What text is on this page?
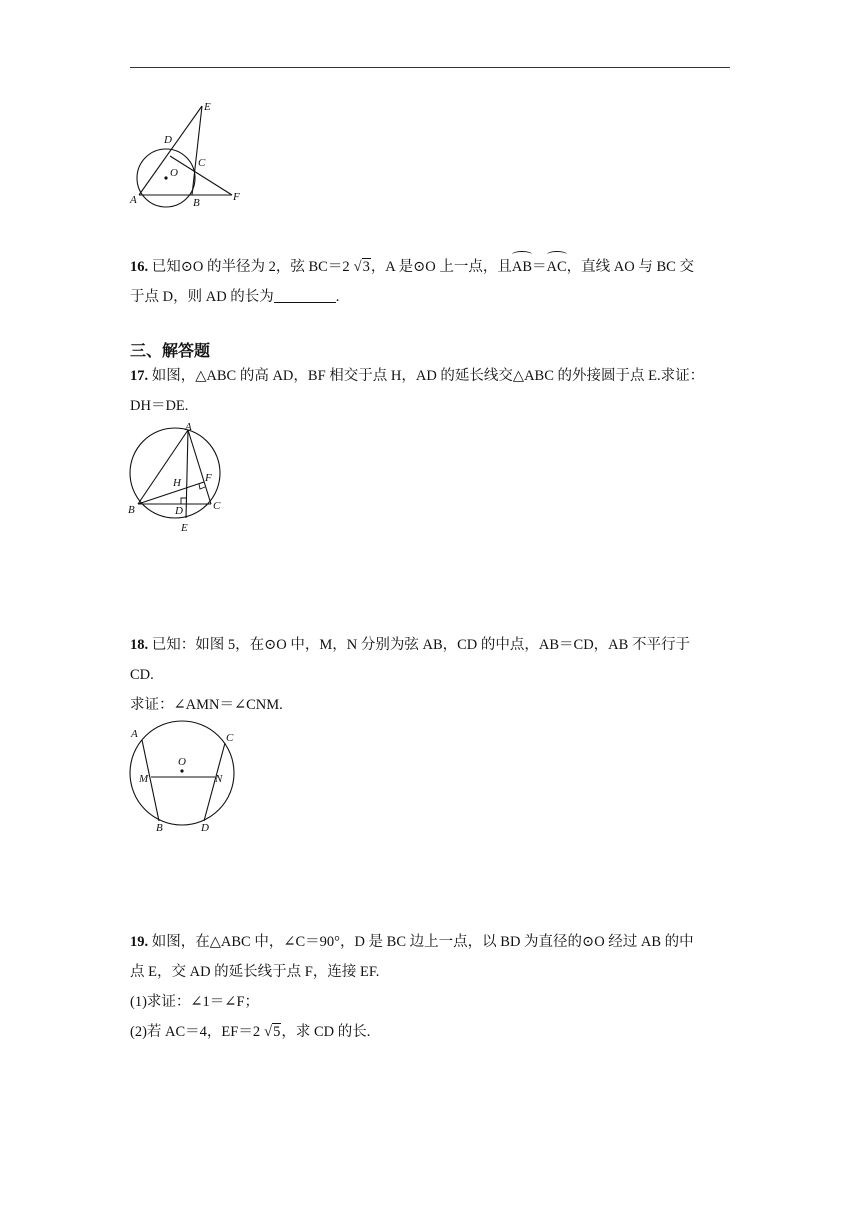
E
D
O
C
A	B	F
16. 已知⊙O 的半径为 2，弦 BC＝2 √3，A 是⊙O 上一点，且AB＝AC，直线 AO 与 BC 交
于点 D，则 AD 的长为	.
三、解答题
17. 如图，△ABC 的高 AD，BF 相交于点 H，AD 的延长线交△ABC 的外接圆于点 E.求证：
DH＝DE.
A
F
H
B	D	C
E
18. 已知：如图 5，在⊙O 中，M，N 分别为弦 AB，CD 的中点，AB＝CD，AB 不平行于
CD.
求证：∠AMN＝∠CNM.
A	C
O
M	N
B	D
19. 如图，在△ABC 中，∠C＝90°，D 是 BC 边上一点，以 BD 为直径的⊙O 经过 AB 的中
点 E，交 AD 的延长线于点 F，连接 EF.
(1)求证：∠1＝∠F；
(2)若 AC＝4，EF＝2 √5，求 CD 的长.
